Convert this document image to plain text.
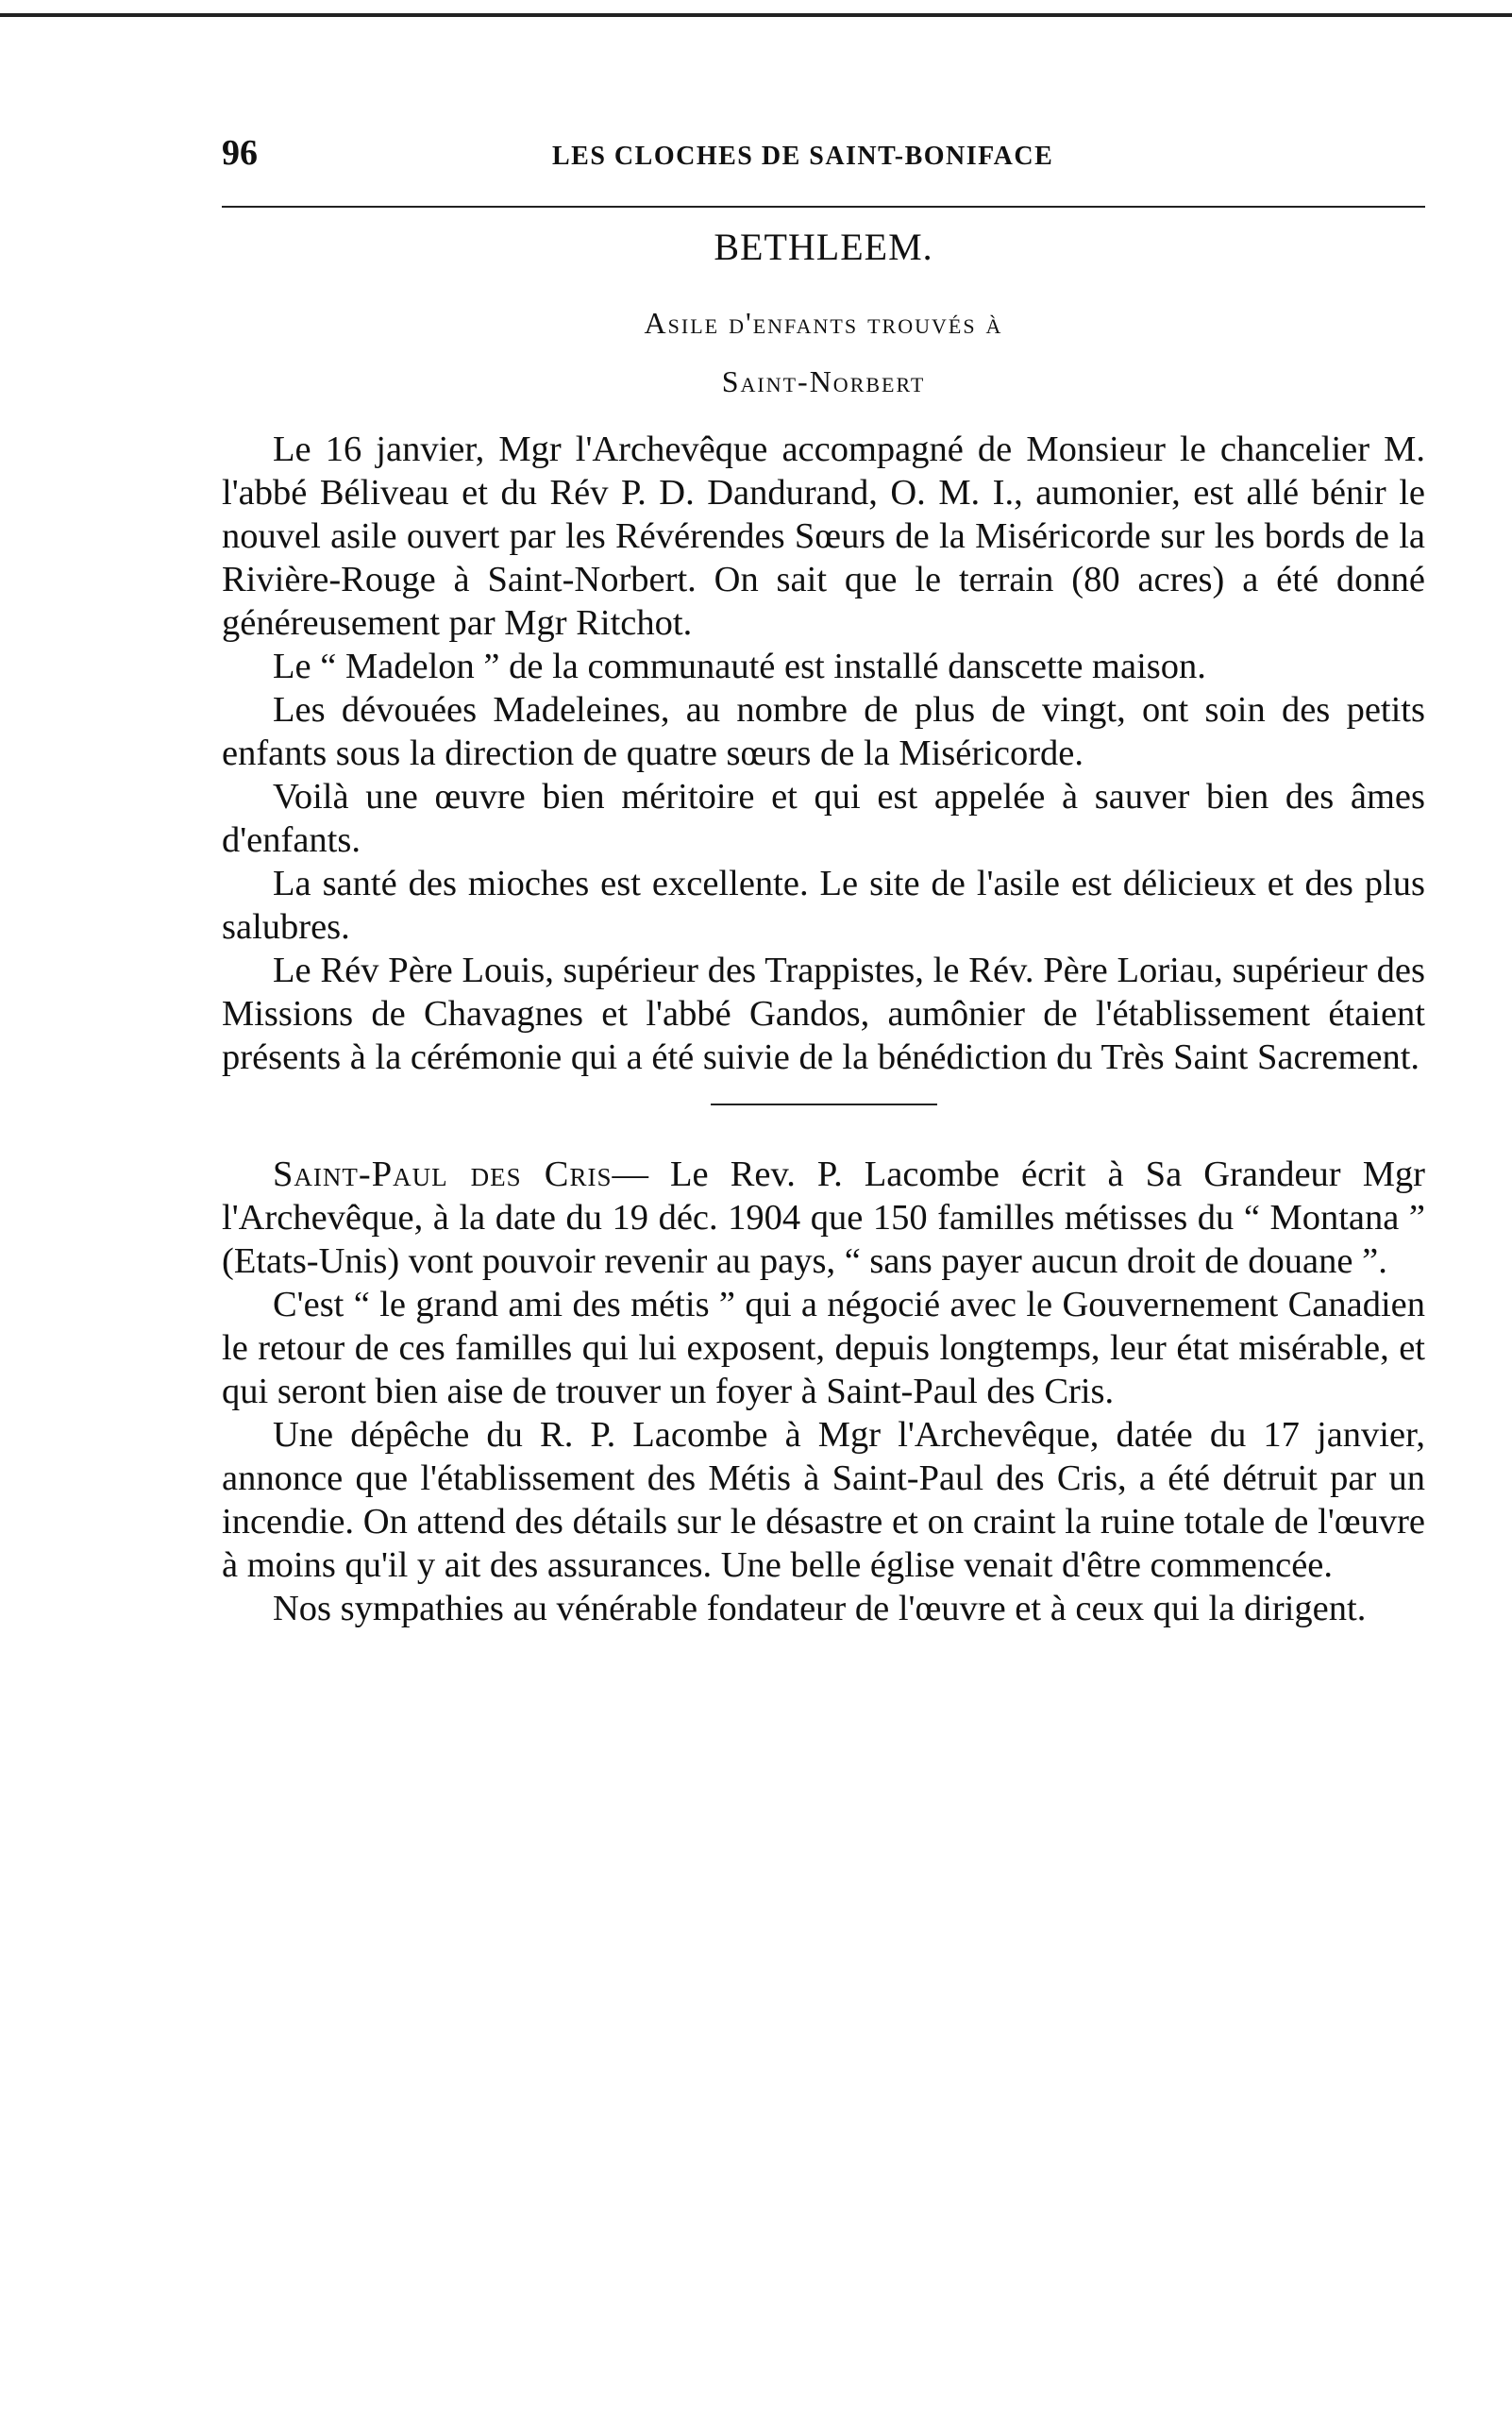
96	LES CLOCHES DE SAINT-BONIFACE
BETHLEEM.
Asile d'enfants trouvés à
Saint-Norbert

Le 16 janvier, Mgr l'Archevêque accompagné de Monsieur le chancelier M. l'abbé Béliveau et du Rév P. D. Dandurand, O. M. I., aumonier, est allé bénir le nouvel asile ouvert par les Révérendes Sœurs de la Miséricorde sur les bords de la Rivière-Rouge à Saint-Norbert. On sait que le terrain (80 acres) a été donné généreusement par Mgr Ritchot.

Le “ Madelon ” de la communauté est installé danscette maison.

Les dévouées Madeleines, au nombre de plus de vingt, ont soin des petits enfants sous la direction de quatre sœurs de la Miséricorde.

Voilà une œuvre bien méritoire et qui est appelée à sauver bien des âmes d'enfants.

La santé des mioches est excellente. Le site de l'asile est délicieux et des plus salubres.

Le Rév Père Louis, supérieur des Trappistes, le Rév. Père Loriau, supérieur des Missions de Chavagnes et l'abbé Gandos, aumônier de l'établissement étaient présents à la cérémonie qui a été suivie de la bénédiction du Très Saint Sacrement.

Saint-Paul des Cris— Le Rev. P. Lacombe écrit à Sa Grandeur Mgr l'Archevêque, à la date du 19 déc. 1904 que 150 familles métisses du “ Montana ” (Etats-Unis) vont pouvoir revenir au pays, “ sans payer aucun droit de douane ”.

C'est “ le grand ami des métis ” qui a négocié avec le Gouvernement Canadien le retour de ces familles qui lui exposent, depuis longtemps, leur état misérable, et qui seront bien aise de trouver un foyer à Saint-Paul des Cris.

Une dépêche du R. P. Lacombe à Mgr l'Archevêque, datée du 17 janvier, annonce que l'établissement des Métis à Saint-Paul des Cris, a été détruit par un incendie. On attend des détails sur le désastre et on craint la ruine totale de l'œuvre à moins qu'il y ait des assurances. Une belle église venait d'être commencée.

Nos sympathies au vénérable fondateur de l'œuvre et à ceux qui la dirigent.
